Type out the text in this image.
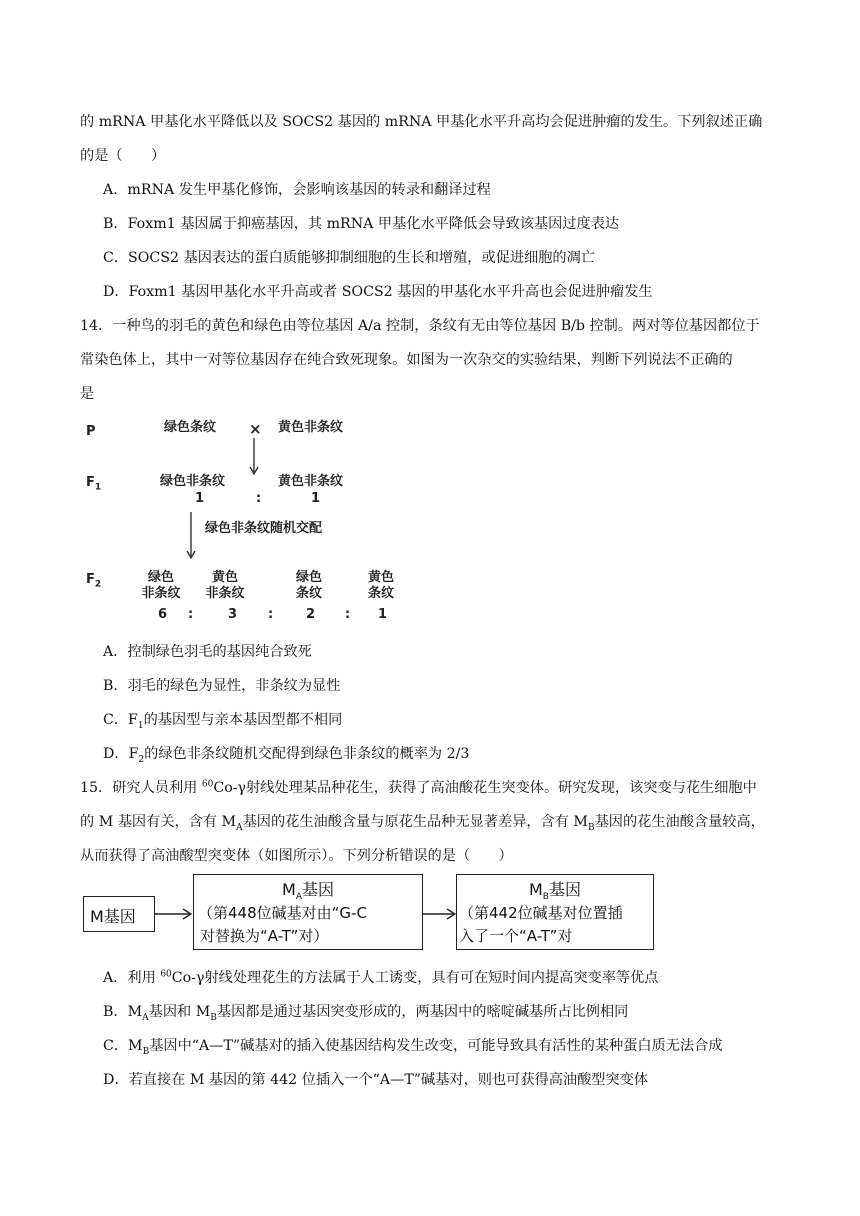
的 mRNA 甲基化水平降低以及 SOCS2 基因的 mRNA 甲基化水平升高均会促进肿瘤的发生。下列叙述正确
的是（　　）
A．mRNA 发生甲基化修饰，会影响该基因的转录和翻译过程
B．Foxm1 基因属于抑癌基因，其 mRNA 甲基化水平降低会导致该基因过度表达
C．SOCS2 基因表达的蛋白质能够抑制细胞的生长和增殖，或促进细胞的凋亡
D．Foxm1 基因甲基化水平升高或者 SOCS2 基因的甲基化水平升高也会促进肿瘤发生
14．一种鸟的羽毛的黄色和绿色由等位基因 A/a 控制，条纹有无由等位基因 B/b 控制。两对等位基因都位于
常染色体上，其中一对等位基因存在纯合致死现象。如图为一次杂交的实验结果，判断下列说法不正确的
是
P	绿色条纹 × 黄色非条纹
$F_1$	绿色非条纹	黄色非条纹
1	:	1
绿色非条纹随机交配
$F_2$	绿色
非条纹
黄色
非条纹
绿色
条纹
黄色
条纹
6 :	3 :	2 : 1
A．控制绿色羽毛的基因纯合致死
B．羽毛的绿色为显性，非条纹为显性
C．$F_1$的基因型与亲本基因型都不相同
D．$F_2$的绿色非条纹随机交配得到绿色非条纹的概率为 2/3
15．研究人员利用 $^{60}$Co-γ射线处理某品种花生，获得了高油酸花生突变体。研究发现，该突变与花生细胞中
的 M 基因有关，含有 $M_A$基因的花生油酸含量与原花生品种无显著差异，含有 $M_B$基因的花生油酸含量较高，
从而获得了高油酸型突变体（如图所示）。下列分析错误的是（　　）
M基因
$M_A$基因
（第448位碱基对由“G-C
对替换为“A-T”对）
$M_B$基因
（第442位碱基对位置插
入了一个“A-T”对
A．利用 $^{60}$Co-γ射线处理花生的方法属于人工诱变，具有可在短时间内提高突变率等优点
B．$M_A$基因和 $M_B$基因都是通过基因突变形成的，两基因中的嘧啶碱基所占比例相同
C．$M_B$基因中“A—T”碱基对的插入使基因结构发生改变，可能导致具有活性的某种蛋白质无法合成
D．若直接在 M 基因的第 442 位插入一个“A—T”碱基对，则也可获得高油酸型突变体
